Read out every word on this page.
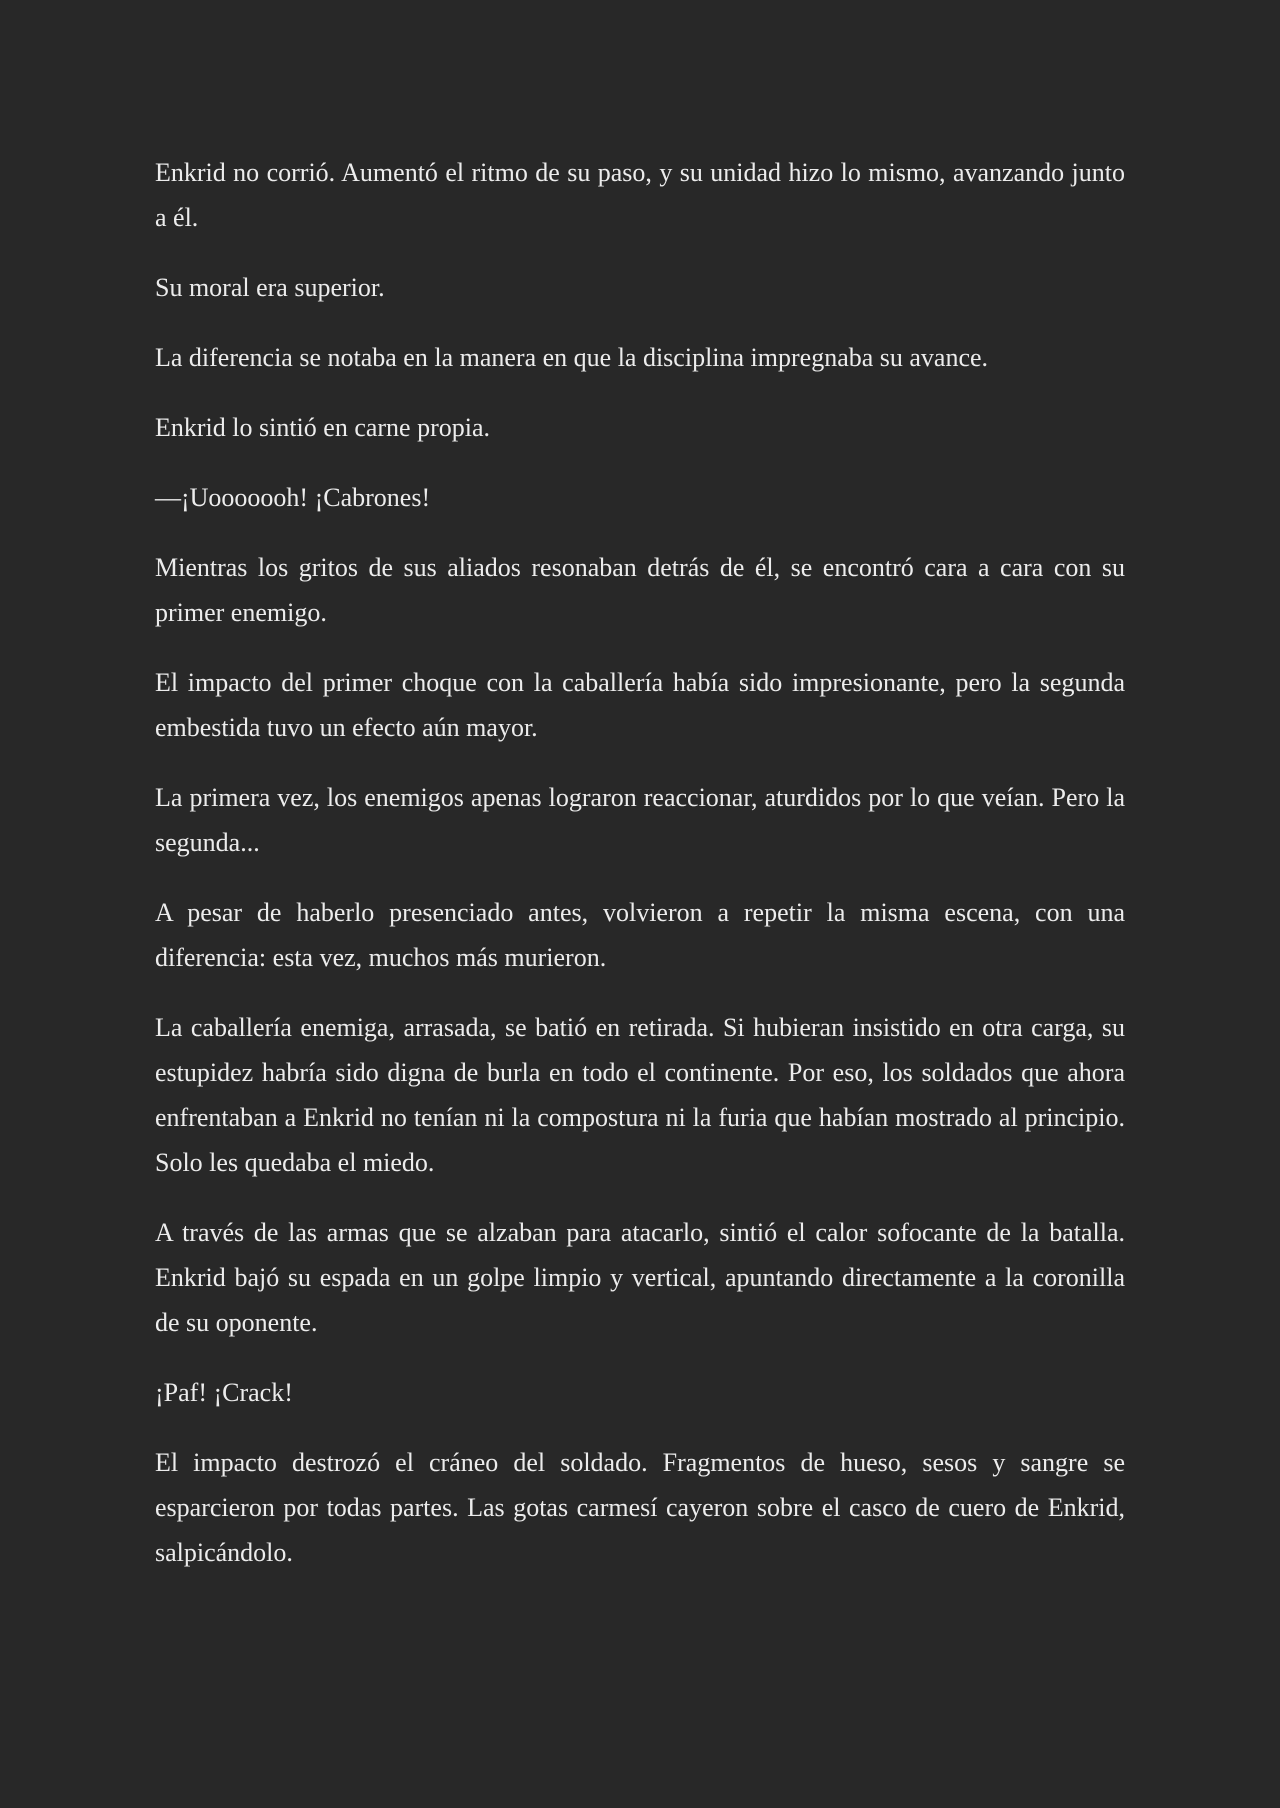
Enkrid no corrió. Aumentó el ritmo de su paso, y su unidad hizo lo mismo, avanzando junto a él.

Su moral era superior.

La diferencia se notaba en la manera en que la disciplina impregnaba su avance.

Enkrid lo sintió en carne propia.

—¡Uooooooh! ¡Cabrones!

Mientras los gritos de sus aliados resonaban detrás de él, se encontró cara a cara con su primer enemigo.

El impacto del primer choque con la caballería había sido impresionante, pero la segunda embestida tuvo un efecto aún mayor.

La primera vez, los enemigos apenas lograron reaccionar, aturdidos por lo que veían. Pero la segunda...

A pesar de haberlo presenciado antes, volvieron a repetir la misma escena, con una diferencia: esta vez, muchos más murieron.

La caballería enemiga, arrasada, se batió en retirada. Si hubieran insistido en otra carga, su estupidez habría sido digna de burla en todo el continente. Por eso, los soldados que ahora enfrentaban a Enkrid no tenían ni la compostura ni la furia que habían mostrado al principio. Solo les quedaba el miedo.

A través de las armas que se alzaban para atacarlo, sintió el calor sofocante de la batalla. Enkrid bajó su espada en un golpe limpio y vertical, apuntando directamente a la coronilla de su oponente.

¡Paf! ¡Crack!

El impacto destrozó el cráneo del soldado. Fragmentos de hueso, sesos y sangre se esparcieron por todas partes. Las gotas carmesí cayeron sobre el casco de cuero de Enkrid, salpicándolo.
